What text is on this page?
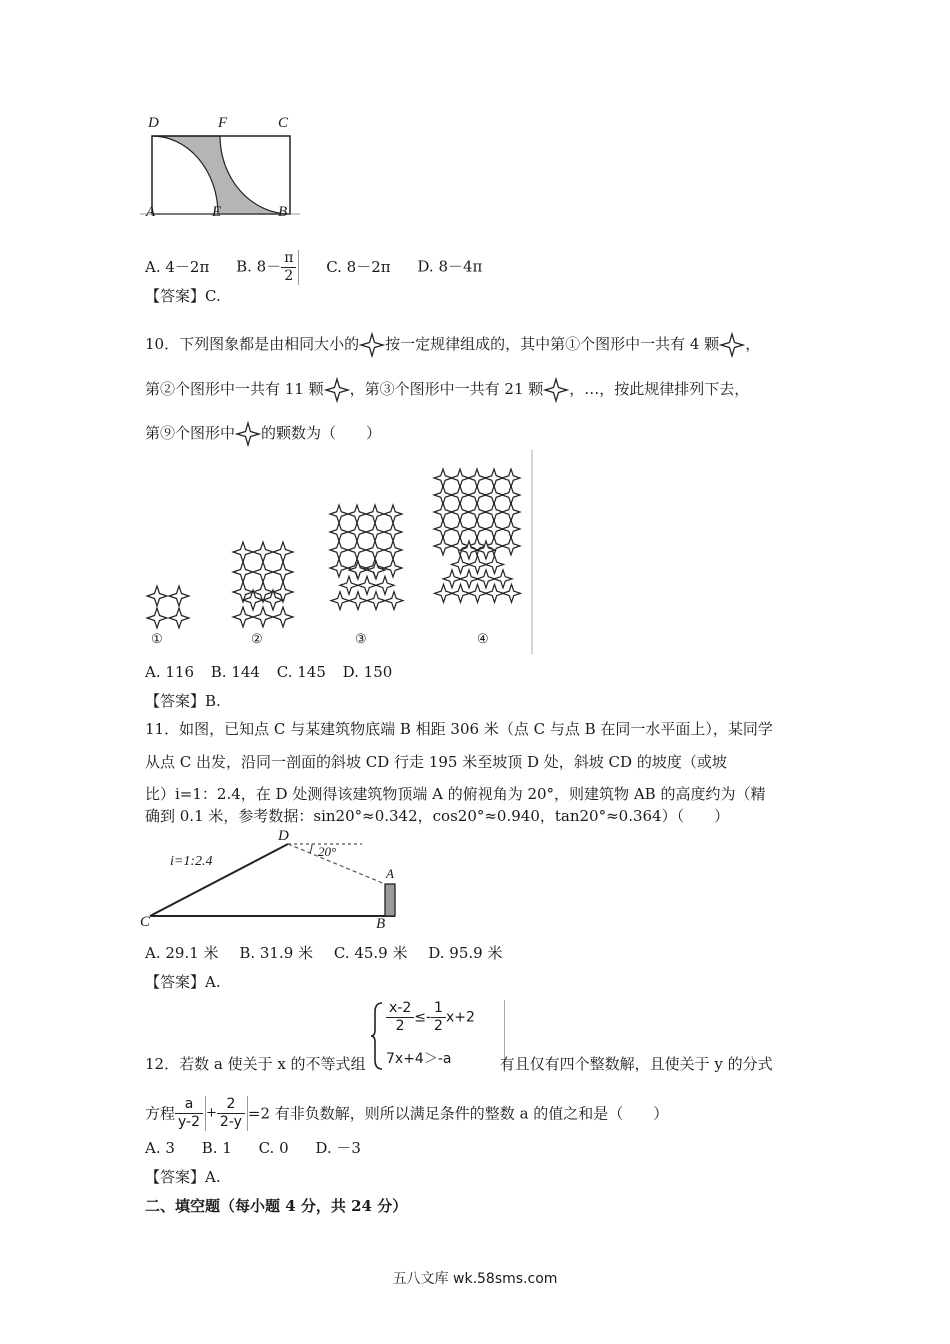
D	F	C
A	E	B
A. 4－2π B. $8- \frac{\pi}{2} C$. 8－2π D. 8－4π
【答案】C.
10．下列图象都是由相同大小的 按一定规律组成的，其中第①个图形中一共有 4 颗 ，
第②个图形中一共有 11 颗 ，第③个图形中一共有 21 颗 ，…，按此规律排列下去，
第⑨个图形中 的颗数为（　　）
①	②	③	④
A. 116 B. 144 C. 145 D. 150
【答案】B.
11．如图，已知点 C 与某建筑物底端 B 相距 306 米（点 C 与点 B 在同一水平面上），某同学
从点 C 出发，沿同一剖面的斜坡 CD 行走 195 米至坡顶 D 处，斜坡 CD 的坡度（或坡
比）i=1：2.4，在 D 处测得该建筑物顶端 A 的俯视角为 20°，则建筑物 AB 的高度约为（精
确到 0.1 米，参考数据：sin20°≈0.342，cos20°≈0.940，tan20°≈0.364）（　　）
D
20°
i=1:2.4
A
C	B
A. 29.1 米 B. 31.9 米 C. 45.9 米 D. 95.9 米
【答案】A.
$\frac{x-2}{2} \le- \frac{1}{2} x+2$
7x+4＞-a
12．若数 a 使关于 x 的不等式组	有且仅有四个整数解，且使关于 y 的分式
方程 $\frac{a}{y-2} + \frac{2}{2-y} =2$ 有非负数解，则所以满足条件的整数 a 的值之和是（　　）
A. 3 B. 1 C. 0 D. －3
【答案】A.
二、填空题（每小题 4 分，共 24 分）
五八文库 wk.58sms.com
